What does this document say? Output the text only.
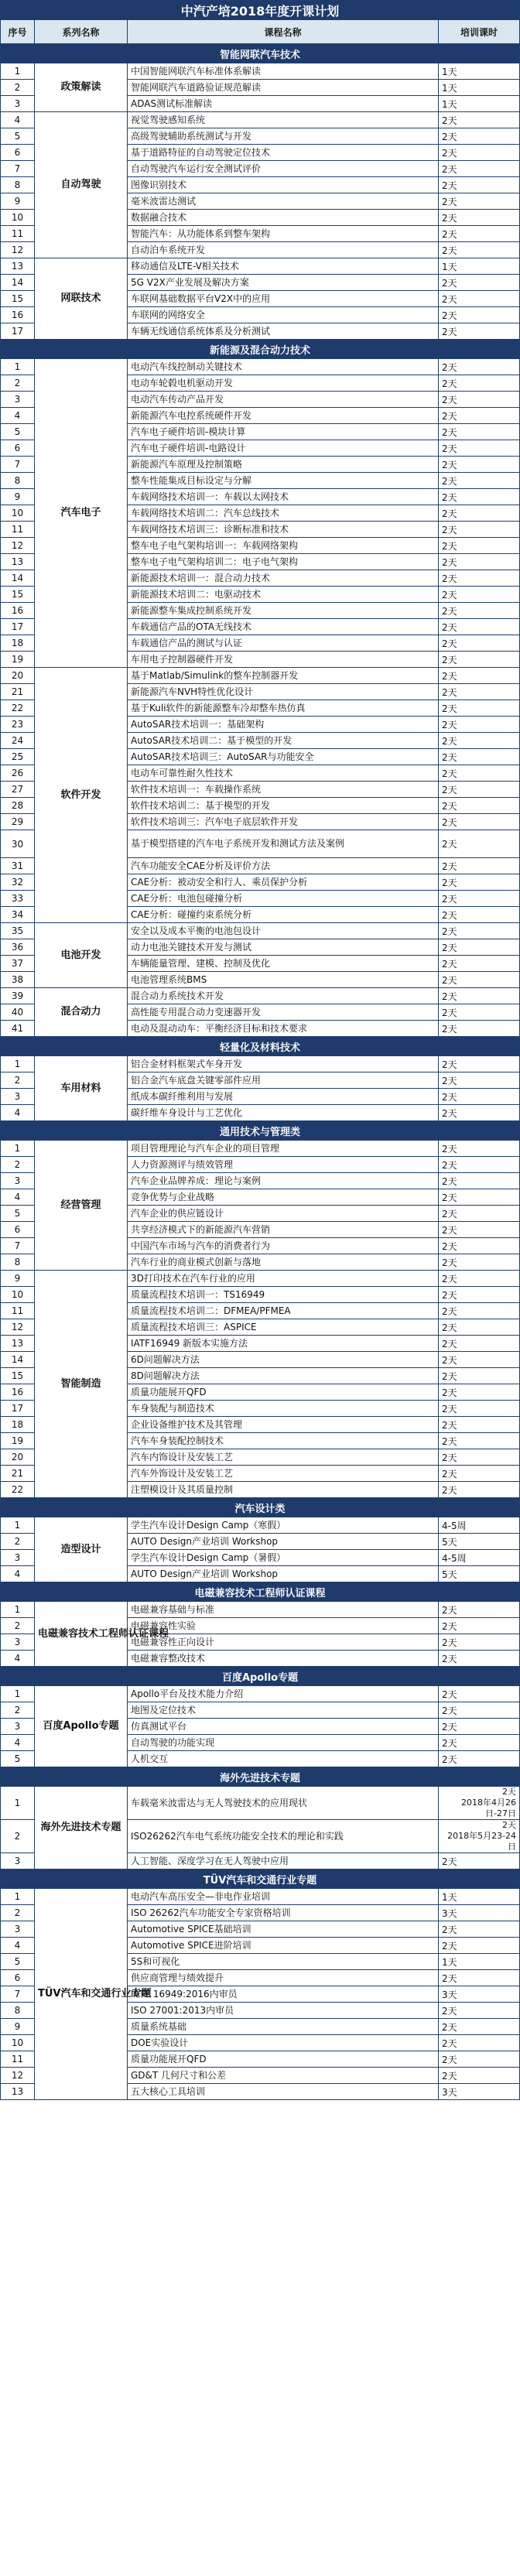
中汽产培2018年度开课计划			
序号	系列名称	课程名称	培训课时
智能网联汽车技术			
1	政策解读	中国智能网联汽车标准体系解读	1天
2		智能网联汽车道路验证规范解读	1天
3		ADAS测试标准解读	1天
4	自动驾驶	视觉驾驶感知系统	2天
5		高级驾驶辅助系统测试与开发	2天
6		基于道路特征的自动驾驶定位技术	2天
7		自动驾驶汽车运行安全测试评价	2天
8		图像识别技术	2天
9		毫米波雷达测试	2天
10		数据融合技术	2天
11		智能汽车：从功能体系到整车架构	2天
12		自动泊车系统开发	2天
13	网联技术	移动通信及LTE-V相关技术	1天
14		5G V2X产业发展及解决方案	2天
15		车联网基础数据平台V2X中的应用	2天
16		车联网的网络安全	2天
17		车辆无线通信系统体系及分析测试	2天
新能源及混合动力技术			
1	汽车电子	电动汽车线控制动关键技术	2天
2		电动车轮毂电机驱动开发	2天
3		电动汽车传动产品开发	2天
4		新能源汽车电控系统硬件开发	2天
5		汽车电子硬件培训-模块计算	2天
6		汽车电子硬件培训-电路设计	2天
7		新能源汽车原理及控制策略	2天
8		整车性能集成目标设定与分解	2天
9		车载网络技术培训一：车载以太网技术	2天
10		车载网络技术培训二：汽车总线技术	2天
11		车载网络技术培训三：诊断标准和技术	2天
12		整车电子电气架构培训一：车载网络架构	2天
13		整车电子电气架构培训二：电子电气架构	2天
14		新能源技术培训一：混合动力技术	2天
15		新能源技术培训二：电驱动技术	2天
16		新能源整车集成控制系统开发	2天
17		车载通信产品的OTA无线技术	2天
18		车载通信产品的测试与认证	2天
19		车用电子控制器硬件开发	2天
20	软件开发	基于Matlab/Simulink的整车控制器开发	2天
21		新能源汽车NVH特性优化设计	2天
22		基于Kuli软件的新能源整车冷却整车热仿真	2天
23		AutoSAR技术培训一：基础架构	2天
24		AutoSAR技术培训二：基于模型的开发	2天
25		AutoSAR技术培训三：AutoSAR与功能安全	2天
26		电动车可靠性耐久性技术	2天
27		软件技术培训一：车载操作系统	2天
28		软件技术培训二：基于模型的开发	2天
29		软件技术培训三：汽车电子底层软件开发	2天
30		基于模型搭建的汽车电子系统开发和测试方法及案例	2天
31		汽车功能安全CAE分析及评价方法	2天
32		CAE分析：被动安全和行人、乘员保护分析	2天
33		CAE分析：电池包碰撞分析	2天
34		CAE分析：碰撞约束系统分析	2天
35	电池开发	安全以及成本平衡的电池包设计	2天
36		动力电池关键技术开发与测试	2天
37		车辆能量管理、建模、控制及优化	2天
38		电池管理系统BMS	2天
39	混合动力	混合动力系统技术开发	2天
40		高性能专用混合动力变速器开发	2天
41		电动及混动动车：平衡经济目标和技术要求	2天
轻量化及材料技术			
1	车用材料	铝合金材料框架式车身开发	2天
2		铝合金汽车底盘关键零部件应用	2天
3		纸成本碳纤维利用与发展	2天
4		碳纤维车身设计与工艺优化	2天
通用技术与管理类			
1	经营管理	项目管理理论与汽车企业的项目管理	2天
2		人力资源测评与绩效管理	2天
3		汽车企业品牌养成：理论与案例	2天
4		竞争优势与企业战略	2天
5		汽车企业的供应链设计	2天
6		共享经济模式下的新能源汽车营销	2天
7		中国汽车市场与汽车的消费者行为	2天
8		汽车行业的商业模式创新与落地	2天
9	智能制造	3D打印技术在汽车行业的应用	2天
10		质量流程技术培训一：TS16949	2天
11		质量流程技术培训二：DFMEA/PFMEA	2天
12		质量流程技术培训三：ASPICE	2天
13		IATF16949 新版本实施方法	2天
14		6D问题解决方法	2天
15		8D问题解决方法	2天
16		质量功能展开QFD	2天
17		车身装配与制造技术	2天
18		企业设备维护技术及其管理	2天
19		汽车车身装配控制技术	2天
20		汽车内饰设计及安装工艺	2天
21		汽车外饰设计及安装工艺	2天
22		注塑模设计及其质量控制	2天
汽车设计类			
1	造型设计	学生汽车设计Design Camp（寒假）	4-5周
2		AUTO Design产业培训 Workshop	5天
3		学生汽车设计Design Camp（暑假）	4-5周
4		AUTO Design产业培训 Workshop	5天
电磁兼容技术工程师认证课程			
1	电磁兼容技术工程师认证课程	电磁兼容基础与标准	2天
2		电磁兼容性实验	2天
3		电磁兼容性正向设计	2天
4		电磁兼容整改技术	2天
百度Apollo专题			
1	百度Apollo专题	Apollo平台及技术能力介绍	2天
2		地图及定位技术	2天
3		仿真测试平台	2天
4		自动驾驶的功能实现	2天
5		人机交互	2天
海外先进技术专题			
1	海外先进技术专题	车载毫米波雷达与无人驾驶技术的应用现状	2天
2018年4月26日-27日
2		ISO26262汽车电气系统功能安全技术的理论和实践	2天
2018年5月23-24日
3		人工智能、深度学习在无人驾驶中应用	2天
TÜV汽车和交通行业专题			
1	TÜV汽车和交通行业专题	电动汽车高压安全—非电作业培训	1天
2		ISO 26262汽车功能安全专家资格培训	3天
3		Automotive SPICE基础培训	2天
4		Automotive SPICE进阶培训	2天
5		5S和可视化	1天
6		供应商管理与绩效提升	2天
7		IATF 16949:2016内审员	3天
8		ISO 27001:2013内审员	2天
9		质量系统基础	2天
10		DOE实验设计	2天
11		质量功能展开QFD	2天
12		GD&T 几何尺寸和公差	2天
13		五大核心工具培训	3天
